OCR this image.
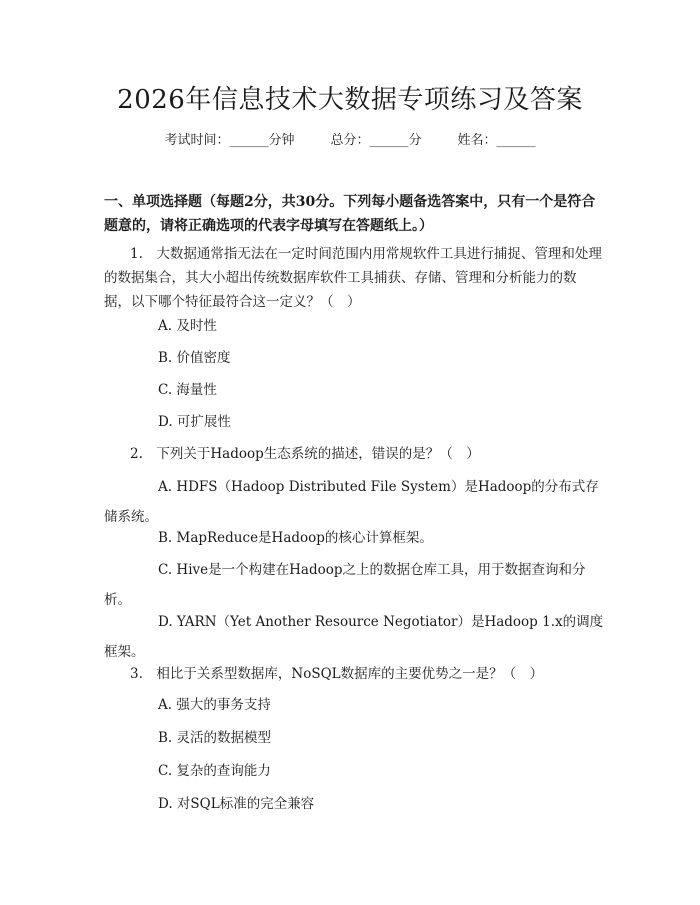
2026年信息技术大数据专项练习及答案
考试时间：______分钟	总分：______分	姓名：______
一、单项选择题（每题2分，共30分。下列每小题备选答案中，只有一个是符合题意的，请将正确选项的代表字母填写在答题纸上。）
1.　大数据通常指无法在一定时间范围内用常规软件工具进行捕捉、管理和处理的数据集合，其大小超出传统数据库软件工具捕获、存储、管理和分析能力的数据，以下哪个特征最符合这一定义？（　）
A. 及时性
B. 价值密度
C. 海量性
D. 可扩展性
2.　下列关于Hadoop生态系统的描述，错误的是？（　）
A. HDFS（Hadoop Distributed File System）是Hadoop的分布式存储系统。
B. MapReduce是Hadoop的核心计算框架。
C. Hive是一个构建在Hadoop之上的数据仓库工具，用于数据查询和分析。
D. YARN（Yet Another Resource Negotiator）是Hadoop 1.x的调度框架。
3.　相比于关系型数据库，NoSQL数据库的主要优势之一是？（　）
A. 强大的事务支持
B. 灵活的数据模型
C. 复杂的查询能力
D. 对SQL标准的完全兼容
